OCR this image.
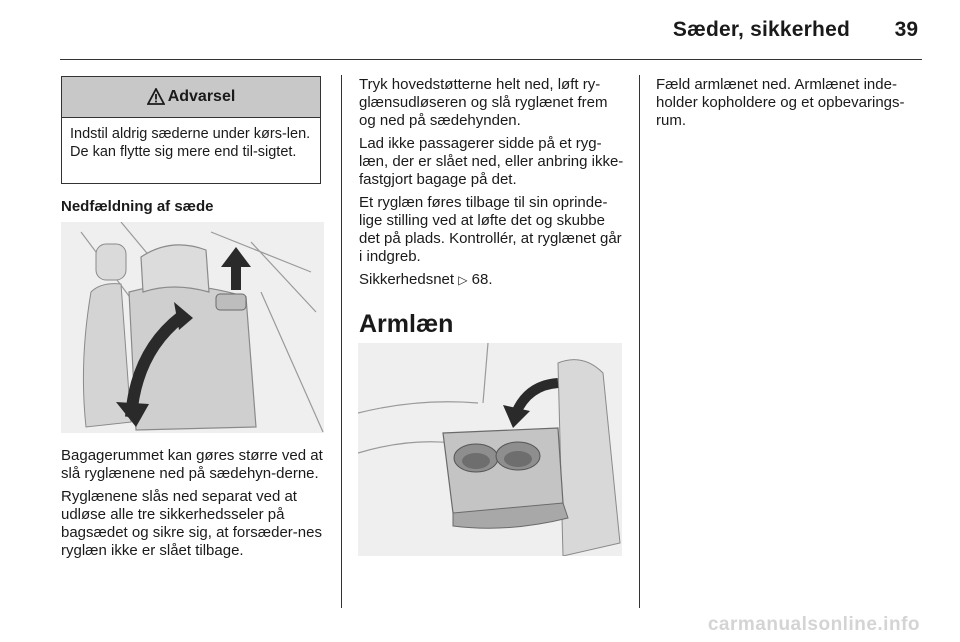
Sæder, sikkerhed 39
Advarsel
Indstil aldrig sæderne under kørs-len. De kan flytte sig mere end til-sigtet.
Nedfældning af sæde

Bagagerummet kan gøres større ved at slå ryglænene ned på sædehyn-derne.

Ryglænene slås ned separat ved at udløse alle tre sikkerhedsseler på bagsædet og sikre sig, at forsæder-nes ryglæn ikke er slået tilbage.

Tryk hovedstøtterne helt ned, løft ry-glænsudløseren og slå ryglænet frem og ned på sædehynden.

Lad ikke passagerer sidde på et ryg-læn, der er slået ned, eller anbring ikke-fastgjort bagage på det.

Et ryglæn føres tilbage til sin oprinde-lige stilling ved at løfte det og skubbe det på plads. Kontrollér, at ryglænet går i indgreb.

Sikkerhedsnet ▷ 68.

Armlæn

Fæld armlænet ned. Armlænet inde-holder kopholdere og et opbevarings-rum.

carmanualsonline.info
